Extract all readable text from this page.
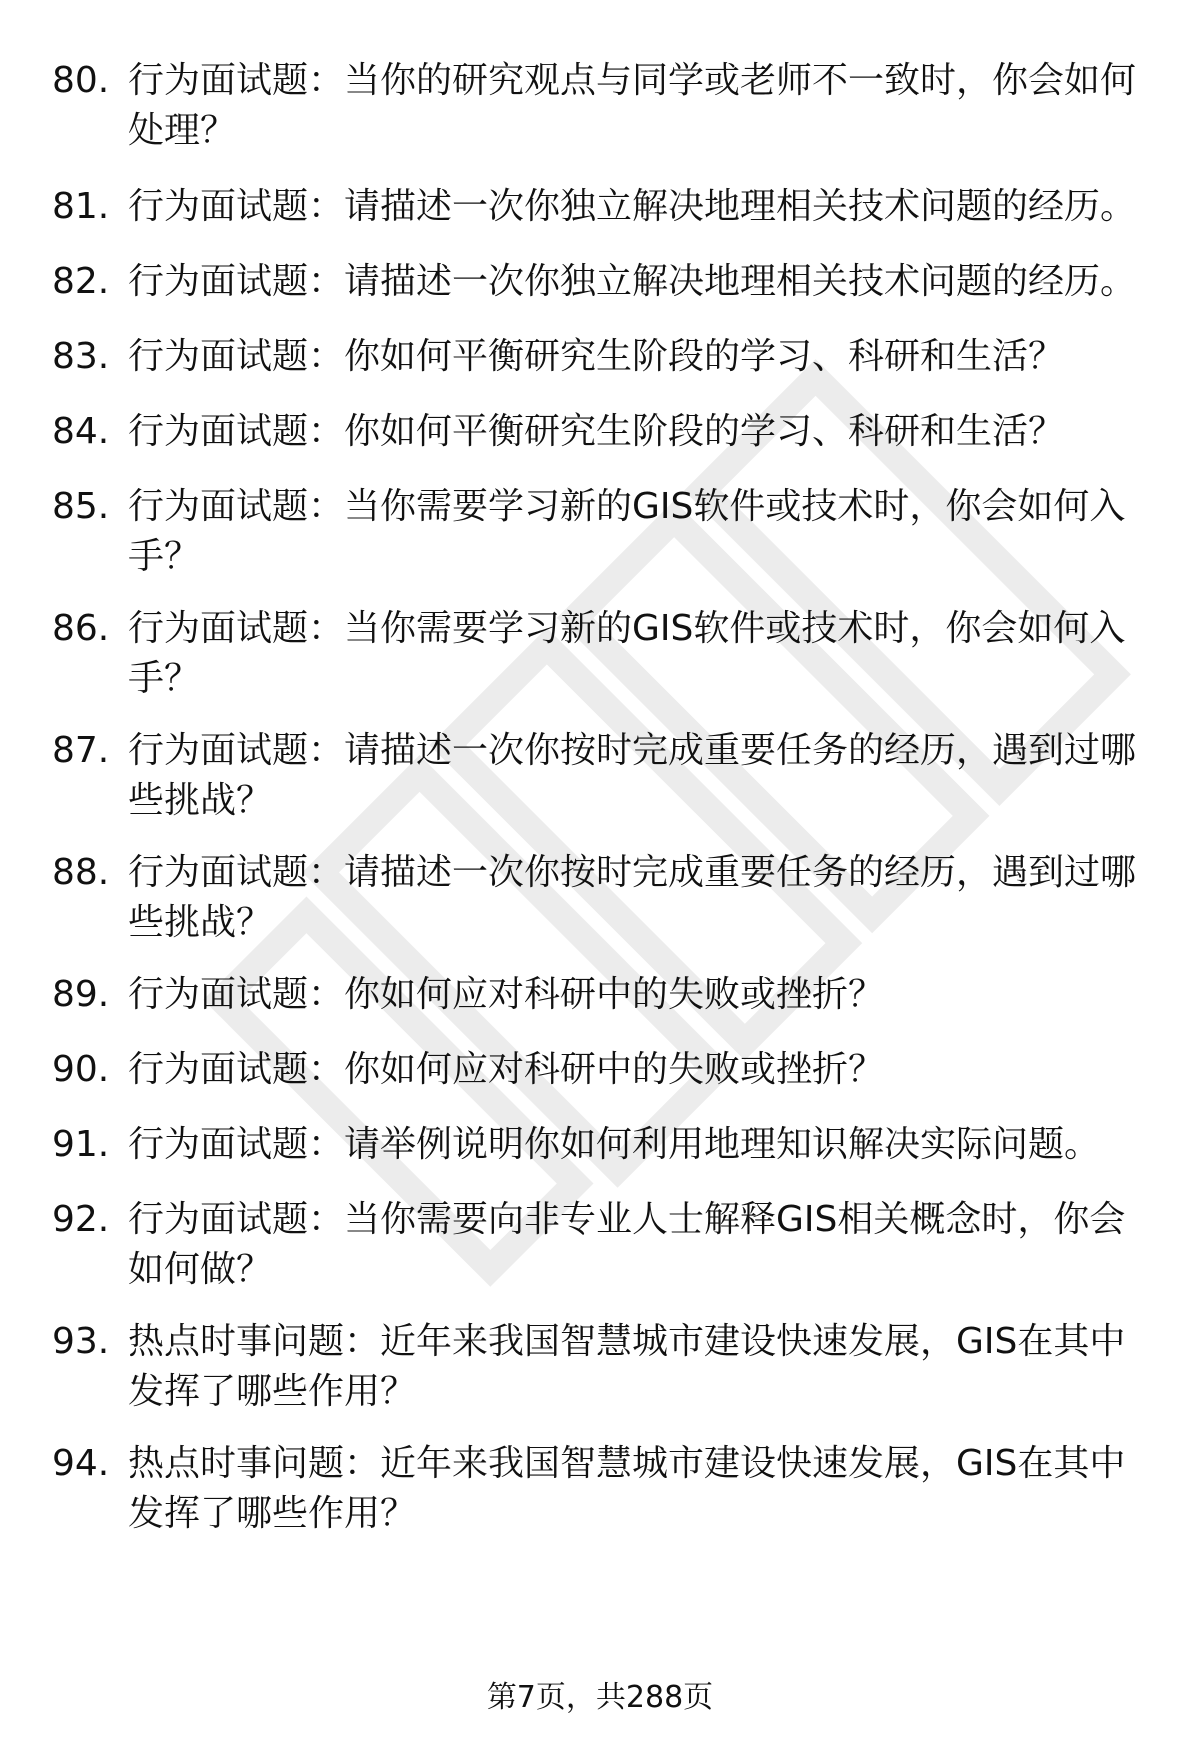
80. 行为面试题：当你的研究观点与同学或老师不一致时，你会如何处理？
81. 行为面试题：请描述一次你独立解决地理相关技术问题的经历。
82. 行为面试题：请描述一次你独立解决地理相关技术问题的经历。
83. 行为面试题：你如何平衡研究生阶段的学习、科研和生活？
84. 行为面试题：你如何平衡研究生阶段的学习、科研和生活？
85. 行为面试题：当你需要学习新的GIS软件或技术时，你会如何入手？
86. 行为面试题：当你需要学习新的GIS软件或技术时，你会如何入手？
87. 行为面试题：请描述一次你按时完成重要任务的经历，遇到过哪些挑战？
88. 行为面试题：请描述一次你按时完成重要任务的经历，遇到过哪些挑战？
89. 行为面试题：你如何应对科研中的失败或挫折？
90. 行为面试题：你如何应对科研中的失败或挫折？
91. 行为面试题：请举例说明你如何利用地理知识解决实际问题。
92. 行为面试题：当你需要向非专业人士解释GIS相关概念时，你会如何做？
93. 热点时事问题：近年来我国智慧城市建设快速发展，GIS在其中发挥了哪些作用？
94. 热点时事问题：近年来我国智慧城市建设快速发展，GIS在其中发挥了哪些作用？
第7页，共288页
